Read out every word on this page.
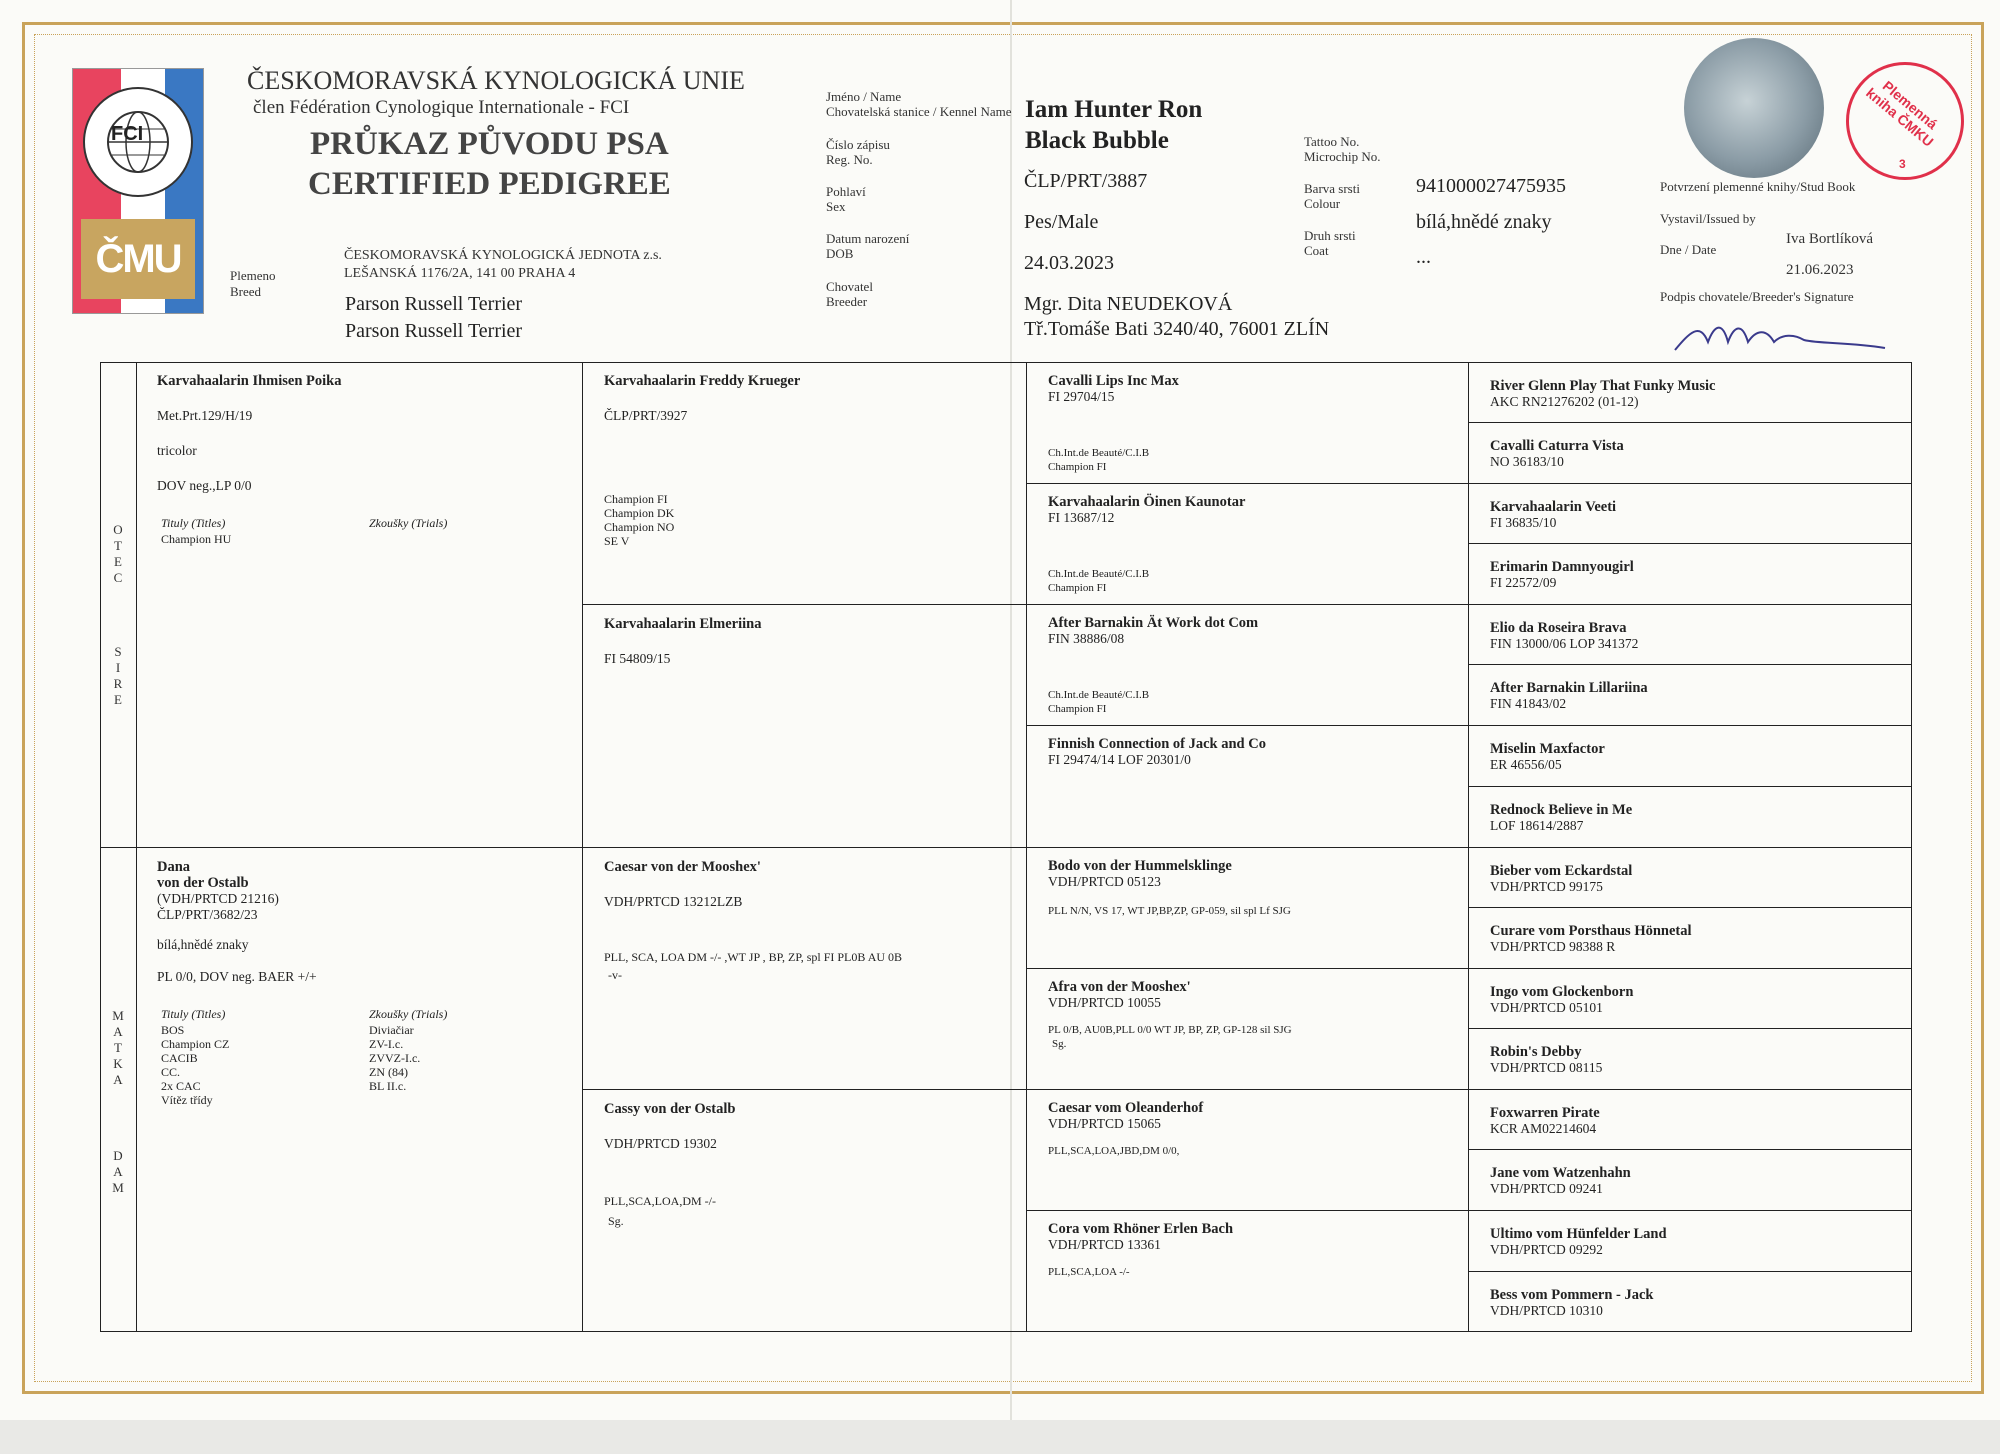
FCI
ČMU
ČESKOMORAVSKÁ KYNOLOGICKÁ UNIE
člen Fédération Cynologique Internationale - FCI
PRŮKAZ PŮVODU PSA
CERTIFIED PEDIGREE
ČESKOMORAVSKÁ KYNOLOGICKÁ JEDNOTA z.s.
LEŠANSKÁ 1176/2A, 141 00 PRAHA 4
Plemeno
Breed
Parson Russell Terrier
Parson Russell Terrier
Jméno / Name
Chovatelská stanice / Kennel Name Iam Hunter Ron
Black Bubble
Číslo zápisu
Reg. No.
ČLP/PRT/3887
Pohlaví
Sex
Pes/Male
Datum narození
DOB	24.03.2023
Chovatel
Breeder	Mgr. Dita NEUDEKOVÁ
Tř.Tomáše Bati 3240/40, 76001 ZLÍN
Tattoo No.
Microchip No.
Barva srsti
Colour
941000027475935
bílá,hnědé znaky
Druh srsti
Coat	...
Plemenná kniha ČMKU
3
Potvrzení plemenné knihy/Stud Book
Vystavil/Issued by
Iva Bortlíková
Dne / Date
21.06.2023
Podpis chovatele/Breeder's Signature
O
T
E
C
S
I
R
E
M
A
T
K
A
D
A
M
Karvahaalarin Ihmisen Poika
Met.Prt.129/H/19
tricolor
DOV neg.,LP 0/0
Tituly (Titles)	Zkoušky (Trials)
Champion HU
Dana
von der Ostalb
(VDH/PRTCD 21216)
ČLP/PRT/3682/23
bílá,hnědé znaky
PL 0/0, DOV neg. BAER +/+
Tituly (Titles)	Zkoušky (Trials)
BOS
Champion CZ
CACIB
CC.
2x CAC
Vítěz třídy
Diviačiar
ZV-I.c.
ZVVZ-I.c.
ZN (84)
BL II.c.
Karvahaalarin Freddy Krueger
ČLP/PRT/3927
Champion FI
Champion DK
Champion NO
SE V
Karvahaalarin Elmeriina
FI 54809/15
Caesar von der Mooshex'
VDH/PRTCD 13212LZB
PLL, SCA, LOA DM -/- ,WT JP , BP, ZP, spl FI PL0B AU 0B
-v-
Cassy von der Ostalb
VDH/PRTCD 19302
PLL,SCA,LOA,DM -/-
Sg.
Cavalli Lips Inc Max
FI 29704/15
Ch.Int.de Beauté/C.I.B
Champion FI
Karvahaalarin Öinen Kaunotar
FI 13687/12
Ch.Int.de Beauté/C.I.B
Champion FI
After Barnakin Ät Work dot Com
FIN 38886/08
Ch.Int.de Beauté/C.I.B
Champion FI
Finnish Connection of Jack and Co
FI 29474/14 LOF 20301/0
Bodo von der Hummelsklinge
VDH/PRTCD 05123
PLL N/N, VS 17, WT JP,BP,ZP, GP-059, sil spl Lf SJG
Afra von der Mooshex'
VDH/PRTCD 10055
PL 0/B, AU0B,PLL 0/0 WT JP, BP, ZP, GP-128 sil SJG
Sg.
Caesar vom Oleanderhof
VDH/PRTCD 15065
PLL,SCA,LOA,JBD,DM 0/0,
Cora vom Rhöner Erlen Bach
VDH/PRTCD 13361
PLL,SCA,LOA -/-
River Glenn Play That Funky Music
AKC RN21276202 (01-12)
Cavalli Caturra Vista
NO 36183/10
Karvahaalarin Veeti
FI 36835/10
Erimarin Damnyougirl
FI 22572/09
Elio da Roseira Brava
FIN 13000/06 LOP 341372
After Barnakin Lillariina
FIN 41843/02
Miselin Maxfactor
ER 46556/05
Rednock Believe in Me
LOF 18614/2887
Bieber vom Eckardstal
VDH/PRTCD 99175
Curare vom Porsthaus Hönnetal
VDH/PRTCD 98388 R
Ingo vom Glockenborn
VDH/PRTCD 05101
Robin's Debby
VDH/PRTCD 08115
Foxwarren Pirate
KCR AM02214604
Jane vom Watzenhahn
VDH/PRTCD 09241
Ultimo vom Hünfelder Land
VDH/PRTCD 09292
Bess vom Pommern - Jack
VDH/PRTCD 10310
